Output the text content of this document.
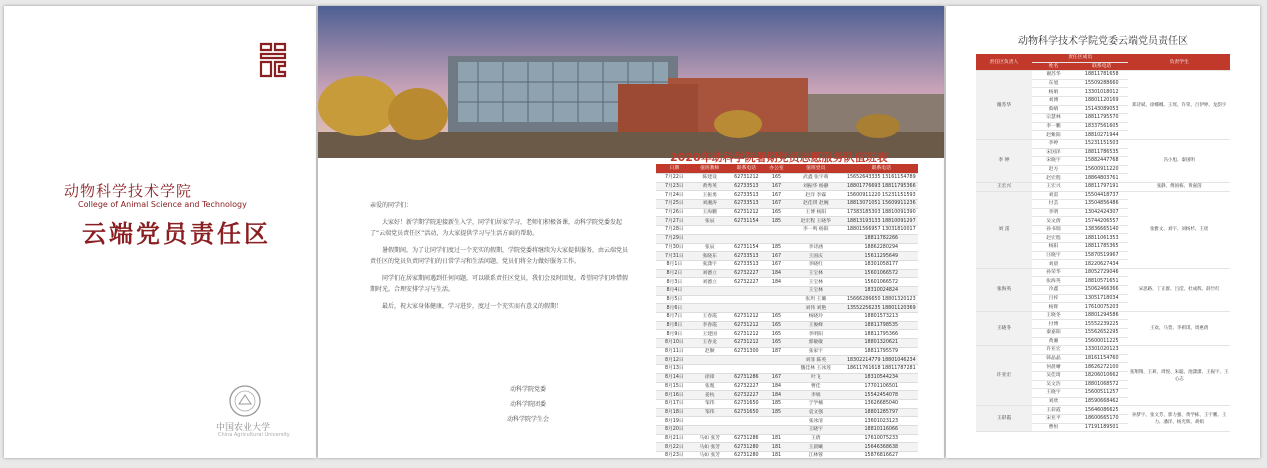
动物科学技术学院
College of Animal Science and Technology
云端党员责任区
中国农业大学
China Agricultural University

亲爱的同学们：

大家好！新学期学院迎接新生入学，同学们居家学习，老师们积极备课，动科学院党委发起了“云端党员责任区”活动，为大家提供学习与生活方面的帮助。

暑假期间，为了让同学们度过一个充实的假期，学院党委将继续为大家提供服务，由云端党员责任区的党员负责同学们的日常学习和生活问题，党员们将全力做好服务工作。

同学们在居家期间遇到任何问题，可以联系责任区党员，我们会及时回复。希望同学们珍惜假期时光，合理安排学习与生活。

最后，祝大家身体健康，学习进步，度过一个充实而有意义的假期！

动科学院党委
动科学院团委
动科学院学生会
2020年动科学院暑期党员志愿服务队值班表
日期	值班教师	联系电话	办公室	值班党员	联系电话
7月22日	陈建设	62731212	165	武鑫 张宇萌	15652643335 13161154789
7月23日	黄秀英	62733513	167	刘振华 杨静	18801776693 18811795366
7月24日	王振勇	62733513	167	赵洋 李霖	15600911220 15231151593
7月25日	刘湘涛	62733513	167	赵佳琪 赵婉	18813071051 15609911236
7月26日	王海鹏	62731212	165	王博 杨阳	17383185303 18810091390
7月27日	张辰	62731154	185	赵宏程 王晓华	18813193133 18810091297
7月28日				李一鸣 杨阳	18801566957 13031810017
7月29日					18811782266
7月30日	张辰	62731154	185	李诗涵	18862280294
7月31日	张晓东	62733513	167	王国庆	15611295649
8月1日	张潇宇	62733513	167	李晓红	18301058177
8月2日	刘德立	62732227	184	王宝林	15601066572
8月3日	刘德立	62732227	184	王宝林	15601066572
8月4日				王宝林	18310024824
8月5日				张玥 王璐	15666286650 18801320123
8月6日				刘伟 刘艳	13552256235 18801120369
8月7日	王春霞	62731212	165	杨晓玲	18801573213
8月8日	李春霞	62731212	165	王俊峰	18811798535
8月9日	王建国	62731212	165	李明阳	18811795366
8月10日	王春龙	62731212	165	郭敏敏	18801320621
8月11日	赵顺	62731300	187	张家宇	18811795579
8月12日				刘菲 陈英	18302214779 18801046234
8月13日				魏佳林 王冰莲	18611761618 18811787281
8月14日	徐锋	62731286	167	叶飞	18310544234
8月15日	张胤	62732227	184	曹佳	17701106501
8月16日	姜杭	62732227	184	李娟	15542454078
8月17日	邹伟	62731650	185	于学楠	13626685040
8月18日	邹伟	62731650	185	袁文强	18801285797
8月19日				张冰清	13601023123
8月20日				王晓宇	18810116066
8月21日	马如 张芳	62731286	181	王倩	17610075233
8月22日	马如 张芳	62731280	181	王晨曦	15646368638
8月23日	马如 张芳	62731280	181	江林蓉	15876816627
动物科学技术学院党委云端党员责任区
责任区负责人	责任区成员		负责学生
	姓名	联系电话	
谢苏华	谢苏华	18811781658	郑诗斌、徐娜娜、王瑶、许荣、吕伊婷、龙韵宇
	东旭	15509288660	
	杨娟	13301018012	
	刘博	18801120169	
	蔡晴	15143089053	
	宗慧林	18811795570	
	李一鹏	18337561605	
	赵紫阳	18810271944	
李 婷	李婷	15231151503	冯小旭、秦国明
	宋国泽	18811786535	
	宋晓宇	15882447768	
	赵方	15600911220	
	赵宏程	18864803761	
王宏兴	王宏兴	18811797191	张静、傅国栋、黄嘉茵
刘 雷	刘雷	15504418737	张雅文、刘宇、刘杨杉、王瑶
	付芸	13504856486	
	李明	13042424307	
	吴文倩	15744206557	
	孙书瑞	13836665140	
	赵宏程	18811061353	
	杨阳	18811785365	
	汪晓宇	15870519967	
	刘晨	18220627434	
张海英	孙荣华	18052729046	宋思路、丁正群、吕滢、杜成辉、薛竹红
	张海英	18810571651	
	冷鑫	15062466366	
	吕梓	13051718034	
	杨辉	17610075203	
王晓冬	王晓冬	18801294586	王欢、马萱、李祺琪、周惠倩
	付博	15552239225	
	秦嘉阳	15562652295	
	黄湘	15600011225	
许亚宏	许亚宏	13301020123	张翔翔、王莉、周悦、朱聪、池潇潇、王振宇、王心志
	韩晶晶	18161154760	
	何晨晰	18626272100	
	吴佳琦	18206010662	
	吴文浩	18801068572	
	王晓宇	15600511257	
	刘欣	18590668462	
王彩霞	王彩霞	15646086625	孙梦宇、张文芳、郭力强、黄学栋、王宇鹏、王力、潘洋、杨光辉、胡娟
	宋亚平	18600665170	
	曹恒	17191189501	
